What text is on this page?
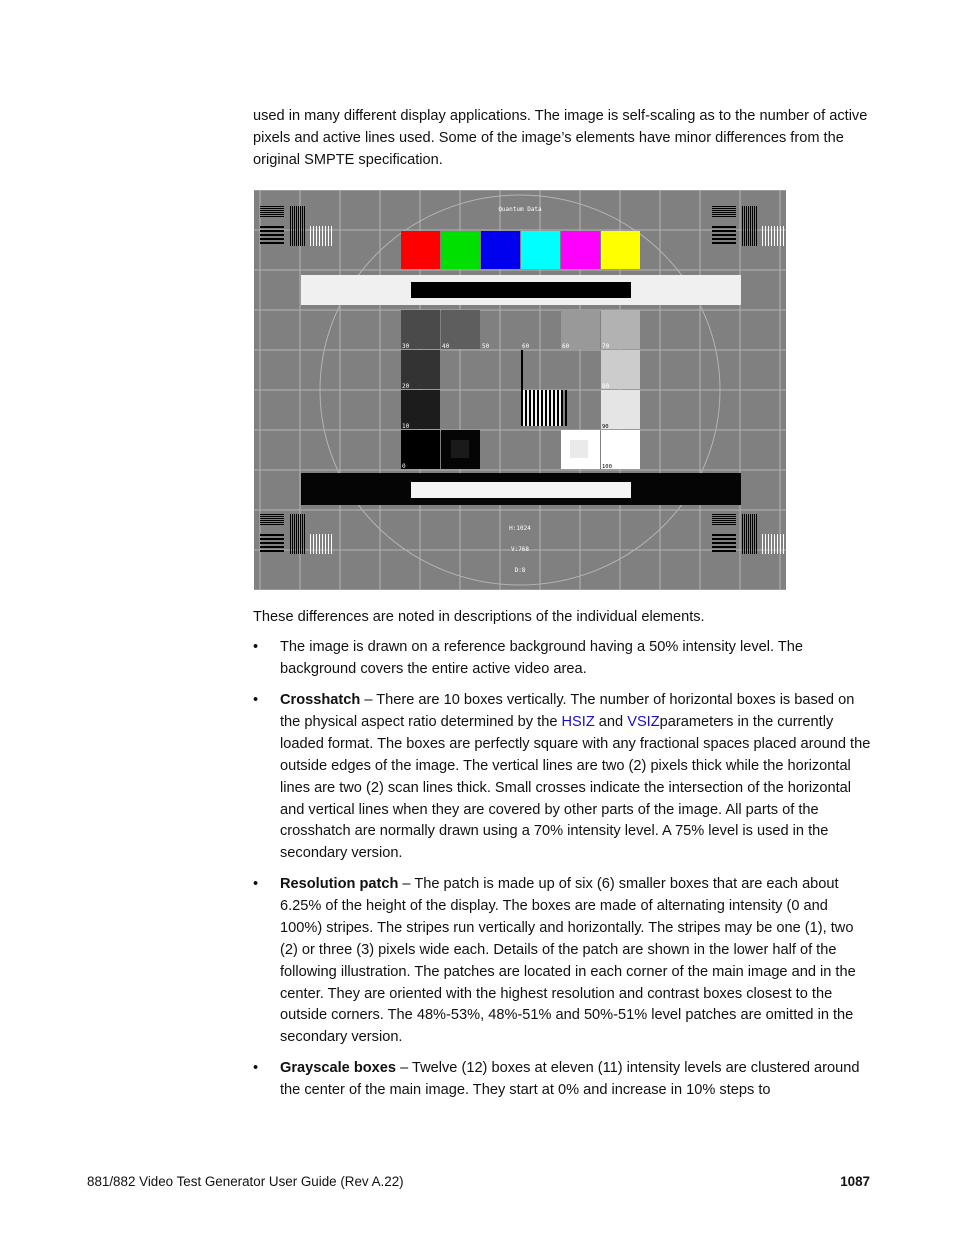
used in many different display applications. The image is self-scaling as to the number of active pixels and active lines used. Some of the image’s elements have minor differences from the original SMPTE specification.

Quantum Data
H:1024
V:768
D:8
30	40	50	60	60	70
20	80
10	90
0	100

These differences are noted in descriptions of the individual elements.

•	The image is drawn on a reference background having a 50% intensity level. The background covers the entire active video area.
•	Crosshatch – There are 10 boxes vertically. The number of horizontal boxes is based on the physical aspect ratio determined by the HSIZ and VSIZparameters in the currently loaded format. The boxes are perfectly square with any fractional spaces placed around the outside edges of the image. The vertical lines are two (2) pixels thick while the horizontal lines are two (2) scan lines thick. Small crosses indicate the intersection of the horizontal and vertical lines when they are covered by other parts of the image. All parts of the crosshatch are normally drawn using a 70% intensity level. A 75% level is used in the secondary version.
•	Resolution patch – The patch is made up of six (6) smaller boxes that are each about 6.25% of the height of the display. The boxes are made of alternating intensity (0 and 100%) stripes. The stripes run vertically and horizontally. The stripes may be one (1), two (2) or three (3) pixels wide each. Details of the patch are shown in the lower half of the following illustration. The patches are located in each corner of the main image and in the center. They are oriented with the highest resolution and contrast boxes closest to the outside corners. The 48%-53%, 48%-51% and 50%-51% level patches are omitted in the secondary version.
•	Grayscale boxes – Twelve (12) boxes at eleven (11) intensity levels are clustered around the center of the main image. They start at 0% and increase in 10% steps to
881/882 Video Test Generator User Guide (Rev A.22)	1087
